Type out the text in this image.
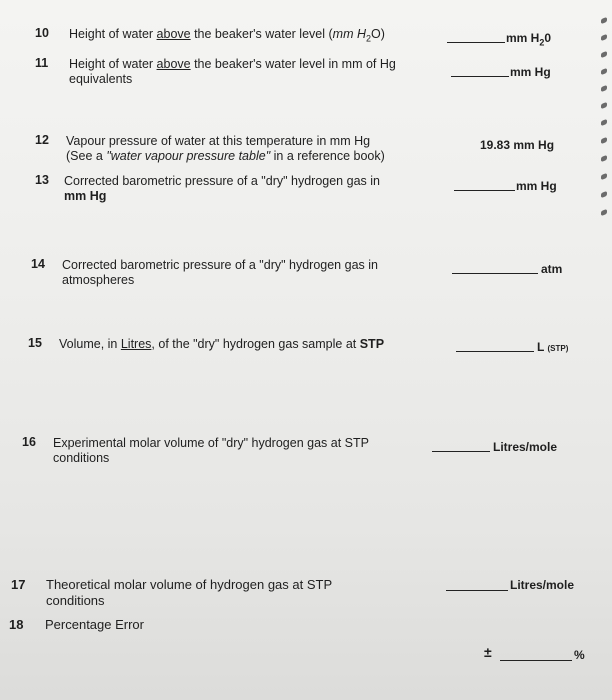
10 Height of water above the beaker's water level (mm $H_2O$)	mm $H_20$
11 Height of water above the beaker's water level in mm of Hg
equivalents	mm Hg
12 Vapour pressure of water at this temperature in mm Hg
(See a "water vapour pressure table" in a reference book)
19.83 mm Hg
13 Corrected barometric pressure of a "dry" hydrogen gas in
mm Hg
mm Hg
14 Corrected barometric pressure of a "dry" hydrogen gas in
atmospheres
atm
15 Volume, in Litres, of the "dry" hydrogen gas sample at STP	L (STP)
16 Experimental molar volume of "dry" hydrogen gas at STP
conditions
Litres/mole
17 Theoretical molar volume of hydrogen gas at STP
conditions
Litres/mole
18 Percentage Error
±	%
